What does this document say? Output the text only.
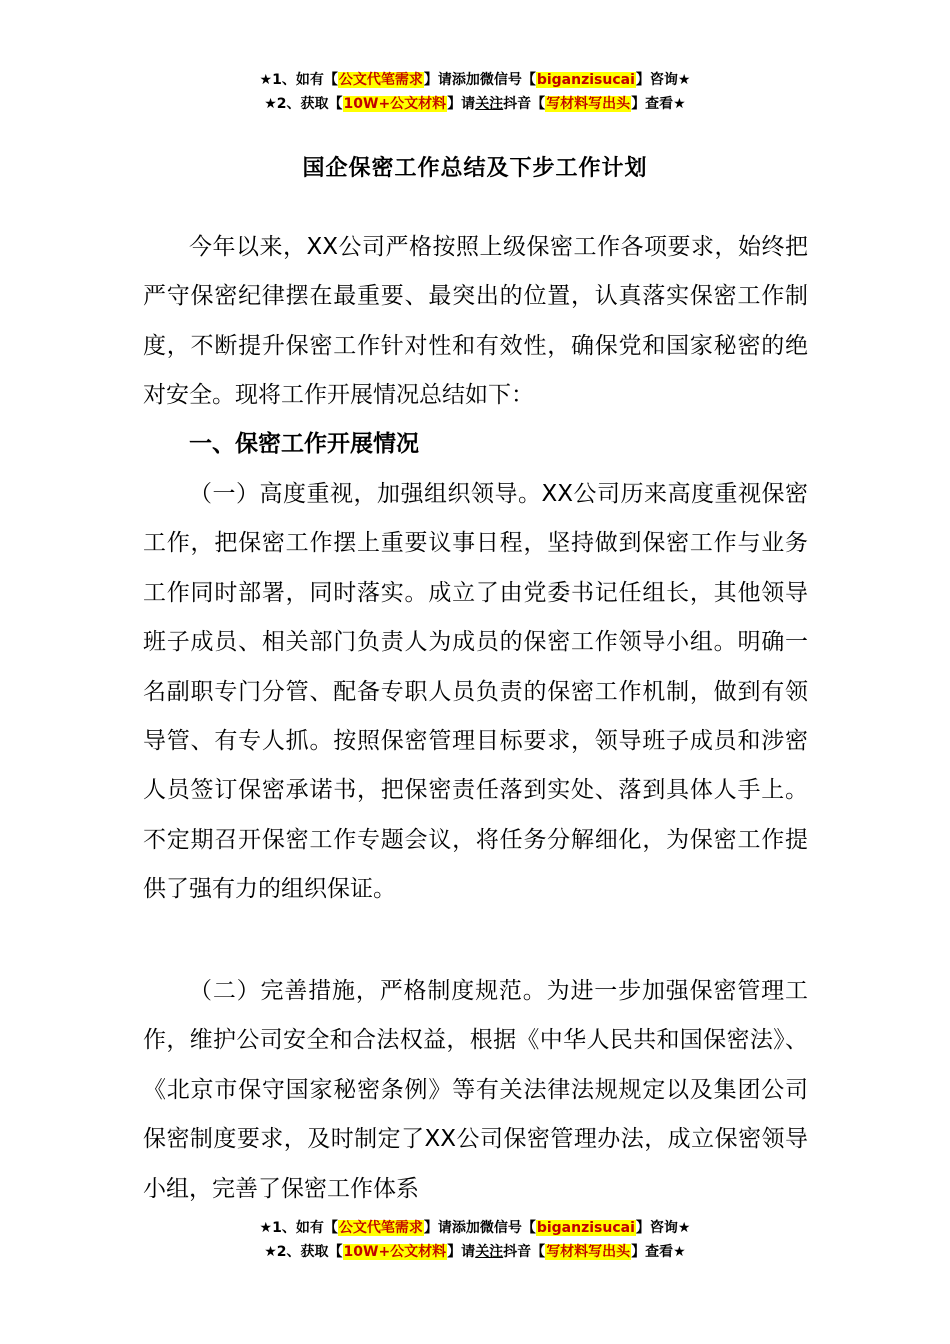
★1、如有【公文代笔需求】请添加微信号【biganzisucai】咨询★
★2、获取【10W+公文材料】请关注抖音【写材料写出头】查看★
国企保密工作总结及下步工作计划
今年以来，XX公司严格按照上级保密工作各项要求，始终把严守保密纪律摆在最重要、最突出的位置，认真落实保密工作制度，不断提升保密工作针对性和有效性，确保党和国家秘密的绝对安全。现将工作开展情况总结如下：
一、保密工作开展情况
（一）高度重视，加强组织领导。XX公司历来高度重视保密工作，把保密工作摆上重要议事日程，坚持做到保密工作与业务工作同时部署，同时落实。成立了由党委书记任组长，其他领导班子成员、相关部门负责人为成员的保密工作领导小组。明确一名副职专门分管、配备专职人员负责的保密工作机制，做到有领导管、有专人抓。按照保密管理目标要求，领导班子成员和涉密人员签订保密承诺书，把保密责任落到实处、落到具体人手上。不定期召开保密工作专题会议，将任务分解细化，为保密工作提供了强有力的组织保证。
（二）完善措施，严格制度规范。为进一步加强保密管理工作，维护公司安全和合法权益，根据《中华人民共和国保密法》、《北京市保守国家秘密条例》等有关法律法规规定以及集团公司保密制度要求，及时制定了XX公司保密管理办法，成立保密领导小组，完善了保密工作体系
★1、如有【公文代笔需求】请添加微信号【biganzisucai】咨询★
★2、获取【10W+公文材料】请关注抖音【写材料写出头】查看★
